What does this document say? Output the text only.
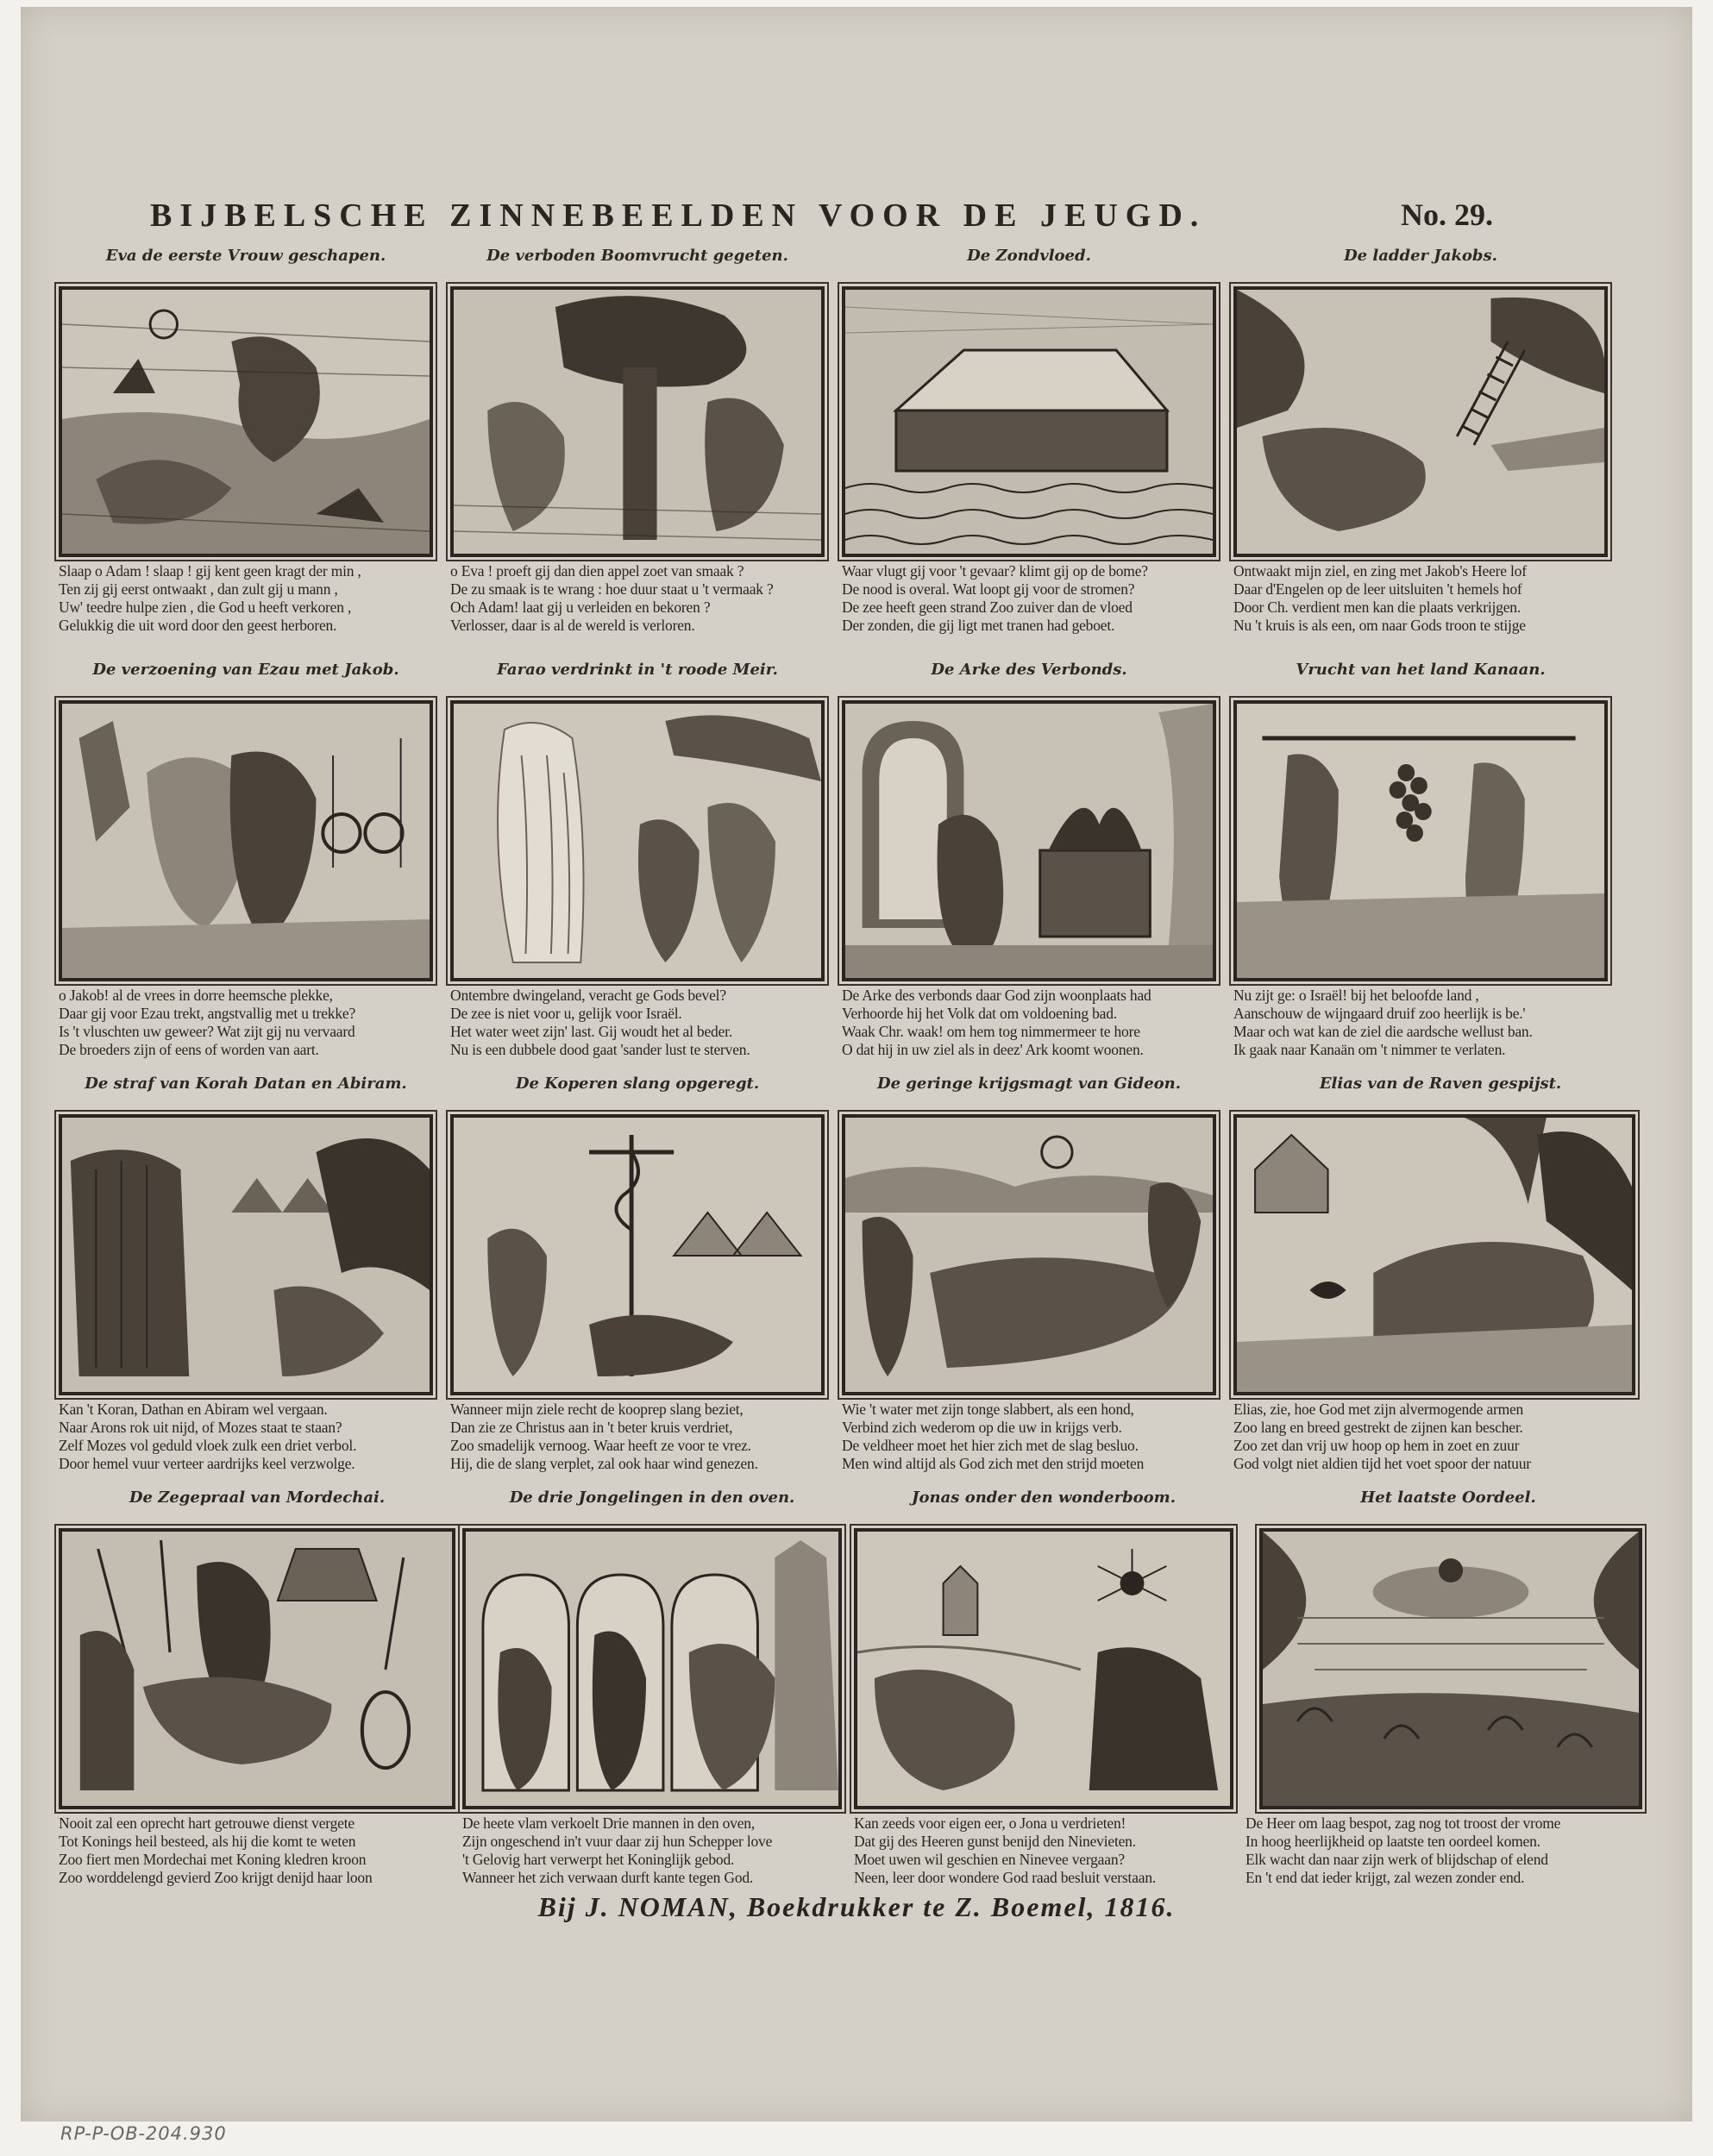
BIJBELSCHE ZINNEBEELDEN VOOR DE JEUGD.	No. 29.
Eva de eerste Vrouw geschapen.
Slaap o Adam ! slaap ! gij kent geen kragt der min ,
Ten zij gij eerst ontwaakt , dan zult gij u mann ,
Uw' teedre hulpe zien , die God u heeft verkoren ,
Gelukkig die uit word door den geest herboren.
De verboden Boomvrucht gegeten.
o Eva ! proeft gij dan dien appel zoet van smaak ?
De zu smaak is te wrang : hoe duur staat u 't vermaak ?
Och Adam! laat gij u verleiden en bekoren ?
Verlosser, daar is al de wereld is verloren.
De Zondvloed.
Waar vlugt gij voor 't gevaar? klimt gij op de bome?
De nood is overal. Wat loopt gij voor de stromen?
De zee heeft geen strand Zoo zuiver dan de vloed
Der zonden, die gij ligt met tranen had geboet.
De ladder Jakobs.
Ontwaakt mijn ziel, en zing met Jakob's Heere lof
Daar d'Engelen op de leer uitsluiten 't hemels hof
Door Ch. verdient men kan die plaats verkrijgen.
Nu 't kruis is als een, om naar Gods troon te stijge
De verzoening van Ezau met Jakob.
o Jakob! al de vrees in dorre heemsche plekke,
Daar gij voor Ezau trekt, angstvallig met u trekke?
Is 't vluschten uw geweer? Wat zijt gij nu vervaard
De broeders zijn of eens of worden van aart.
Farao verdrinkt in 't roode Meir.
Ontembre dwingeland, veracht ge Gods bevel?
De zee is niet voor u, gelijk voor Israël.
Het water weet zijn' last. Gij woudt het al beder.
Nu is een dubbele dood gaat 'sander lust te sterven.
De Arke des Verbonds.
De Arke des verbonds daar God zijn woonplaats had
Verhoorde hij het Volk dat om voldoening bad.
Waak Chr. waak! om hem tog nimmermeer te hore
O dat hij in uw ziel als in deez' Ark koomt woonen.
Vrucht van het land Kanaan.
Nu zijt ge: o Israël! bij het beloofde land ,
Aanschouw de wijngaard druif zoo heerlijk is be.'
Maar och wat kan de ziel die aardsche wellust ban.
Ik gaak naar Kanaän om 't nimmer te verlaten.
De straf van Korah Datan en Abiram.
Kan 't Koran, Dathan en Abiram wel vergaan.
Naar Arons rok uit nijd, of Mozes staat te staan?
Zelf Mozes vol geduld vloek zulk een driet verbol.
Door hemel vuur verteer aardrijks keel verzwolge.
De Koperen slang opgeregt.
Wanneer mijn ziele recht de kooprep slang beziet,
Dan zie ze Christus aan in 't beter kruis verdriet,
Zoo smadelijk vernoog. Waar heeft ze voor te vrez.
Hij, die de slang verplet, zal ook haar wind genezen.
De geringe krijgsmagt van Gideon.
Wie 't water met zijn tonge slabbert, als een hond,
Verbind zich wederom op die uw in krijgs verb.
De veldheer moet het hier zich met de slag besluo.
Men wind altijd als God zich met den strijd moeten
Elias van de Raven gespijst.
Elias, zie, hoe God met zijn alvermogende armen
Zoo lang en breed gestrekt de zijnen kan bescher.
Zoo zet dan vrij uw hoop op hem in zoet en zuur
God volgt niet aldien tijd het voet spoor der natuur
De Zegepraal van Mordechai.
Nooit zal een oprecht hart getrouwe dienst vergete
Tot Konings heil besteed, als hij die komt te weten
Zoo fiert men Mordechai met Koning kledren kroon
Zoo worddelengd gevierd Zoo krijgt denijd haar loon
De drie Jongelingen in den oven.
De heete vlam verkoelt Drie mannen in den oven,
Zijn ongeschend in't vuur daar zij hun Schepper love
't Gelovig hart verwerpt het Koninglijk gebod.
Wanneer het zich verwaan durft kante tegen God.
Jonas onder den wonderboom.
Kan zeeds voor eigen eer, o Jona u verdrieten!
Dat gij des Heeren gunst benijd den Ninevieten.
Moet uwen wil geschien en Ninevee vergaan?
Neen, leer door wondere God raad besluit verstaan.
Het laatste Oordeel.
De Heer om laag bespot, zag nog tot troost der vrome
In hoog heerlijkheid op laatste ten oordeel komen.
Elk wacht dan naar zijn werk of blijdschap of elend
En 't end dat ieder krijgt, zal wezen zonder end.
Bij J. NOMAN, Boekdrukker te Z. Boemel, 1816.
RP-P-OB-204.930
